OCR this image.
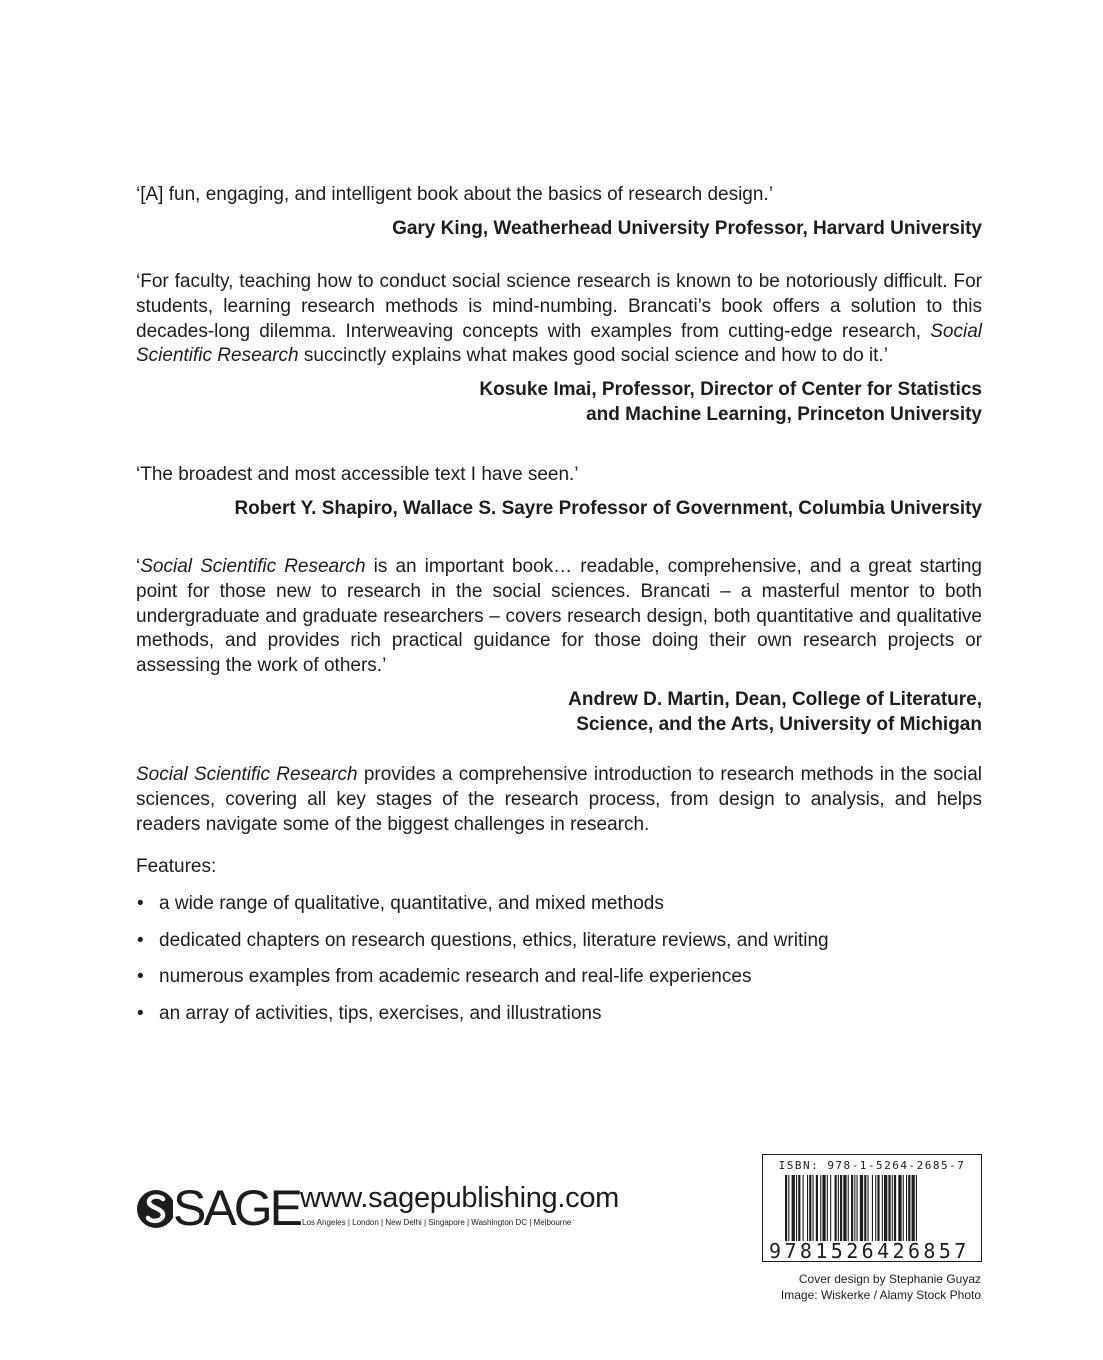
‘[A] fun, engaging, and intelligent book about the basics of research design.’

Gary King, Weatherhead University Professor, Harvard University

‘For faculty, teaching how to conduct social science research is known to be notoriously difficult. For students, learning research methods is mind-numbing. Brancati’s book offers a solution to this decades-long dilemma. Interweaving concepts with examples from cutting-edge research, Social Scientific Research succinctly explains what makes good social science and how to do it.’

Kosuke Imai, Professor, Director of Center for Statistics
and Machine Learning, Princeton University

‘The broadest and most accessible text I have seen.’

Robert Y. Shapiro, Wallace S. Sayre Professor of Government, Columbia University

‘Social Scientific Research is an important book… readable, comprehensive, and a great starting point for those new to research in the social sciences. Brancati – a masterful mentor to both undergraduate and graduate researchers – covers research design, both quantitative and qualitative methods, and provides rich practical guidance for those doing their own research projects or assessing the work of others.’

Andrew D. Martin, Dean, College of Literature,
Science, and the Arts, University of Michigan

Social Scientific Research provides a comprehensive introduction to research methods in the social sciences, covering all key stages of the research process, from design to analysis, and helps readers navigate some of the biggest challenges in research.

Features:

• a wide range of qualitative, quantitative, and mixed methods
• dedicated chapters on research questions, ethics, literature reviews, and writing
• numerous examples from academic research and real-life experiences
• an array of activities, tips, exercises, and illustrations
SAGE www.sagepublishing.com
Los Angeles | London | New Delhi | Singapore | Washington DC | Melbourne
ISBN: 978-1-5264-2685-7
9781526426857
Cover design by Stephanie Guyaz
Image: Wiskerke / Alamy Stock Photo
